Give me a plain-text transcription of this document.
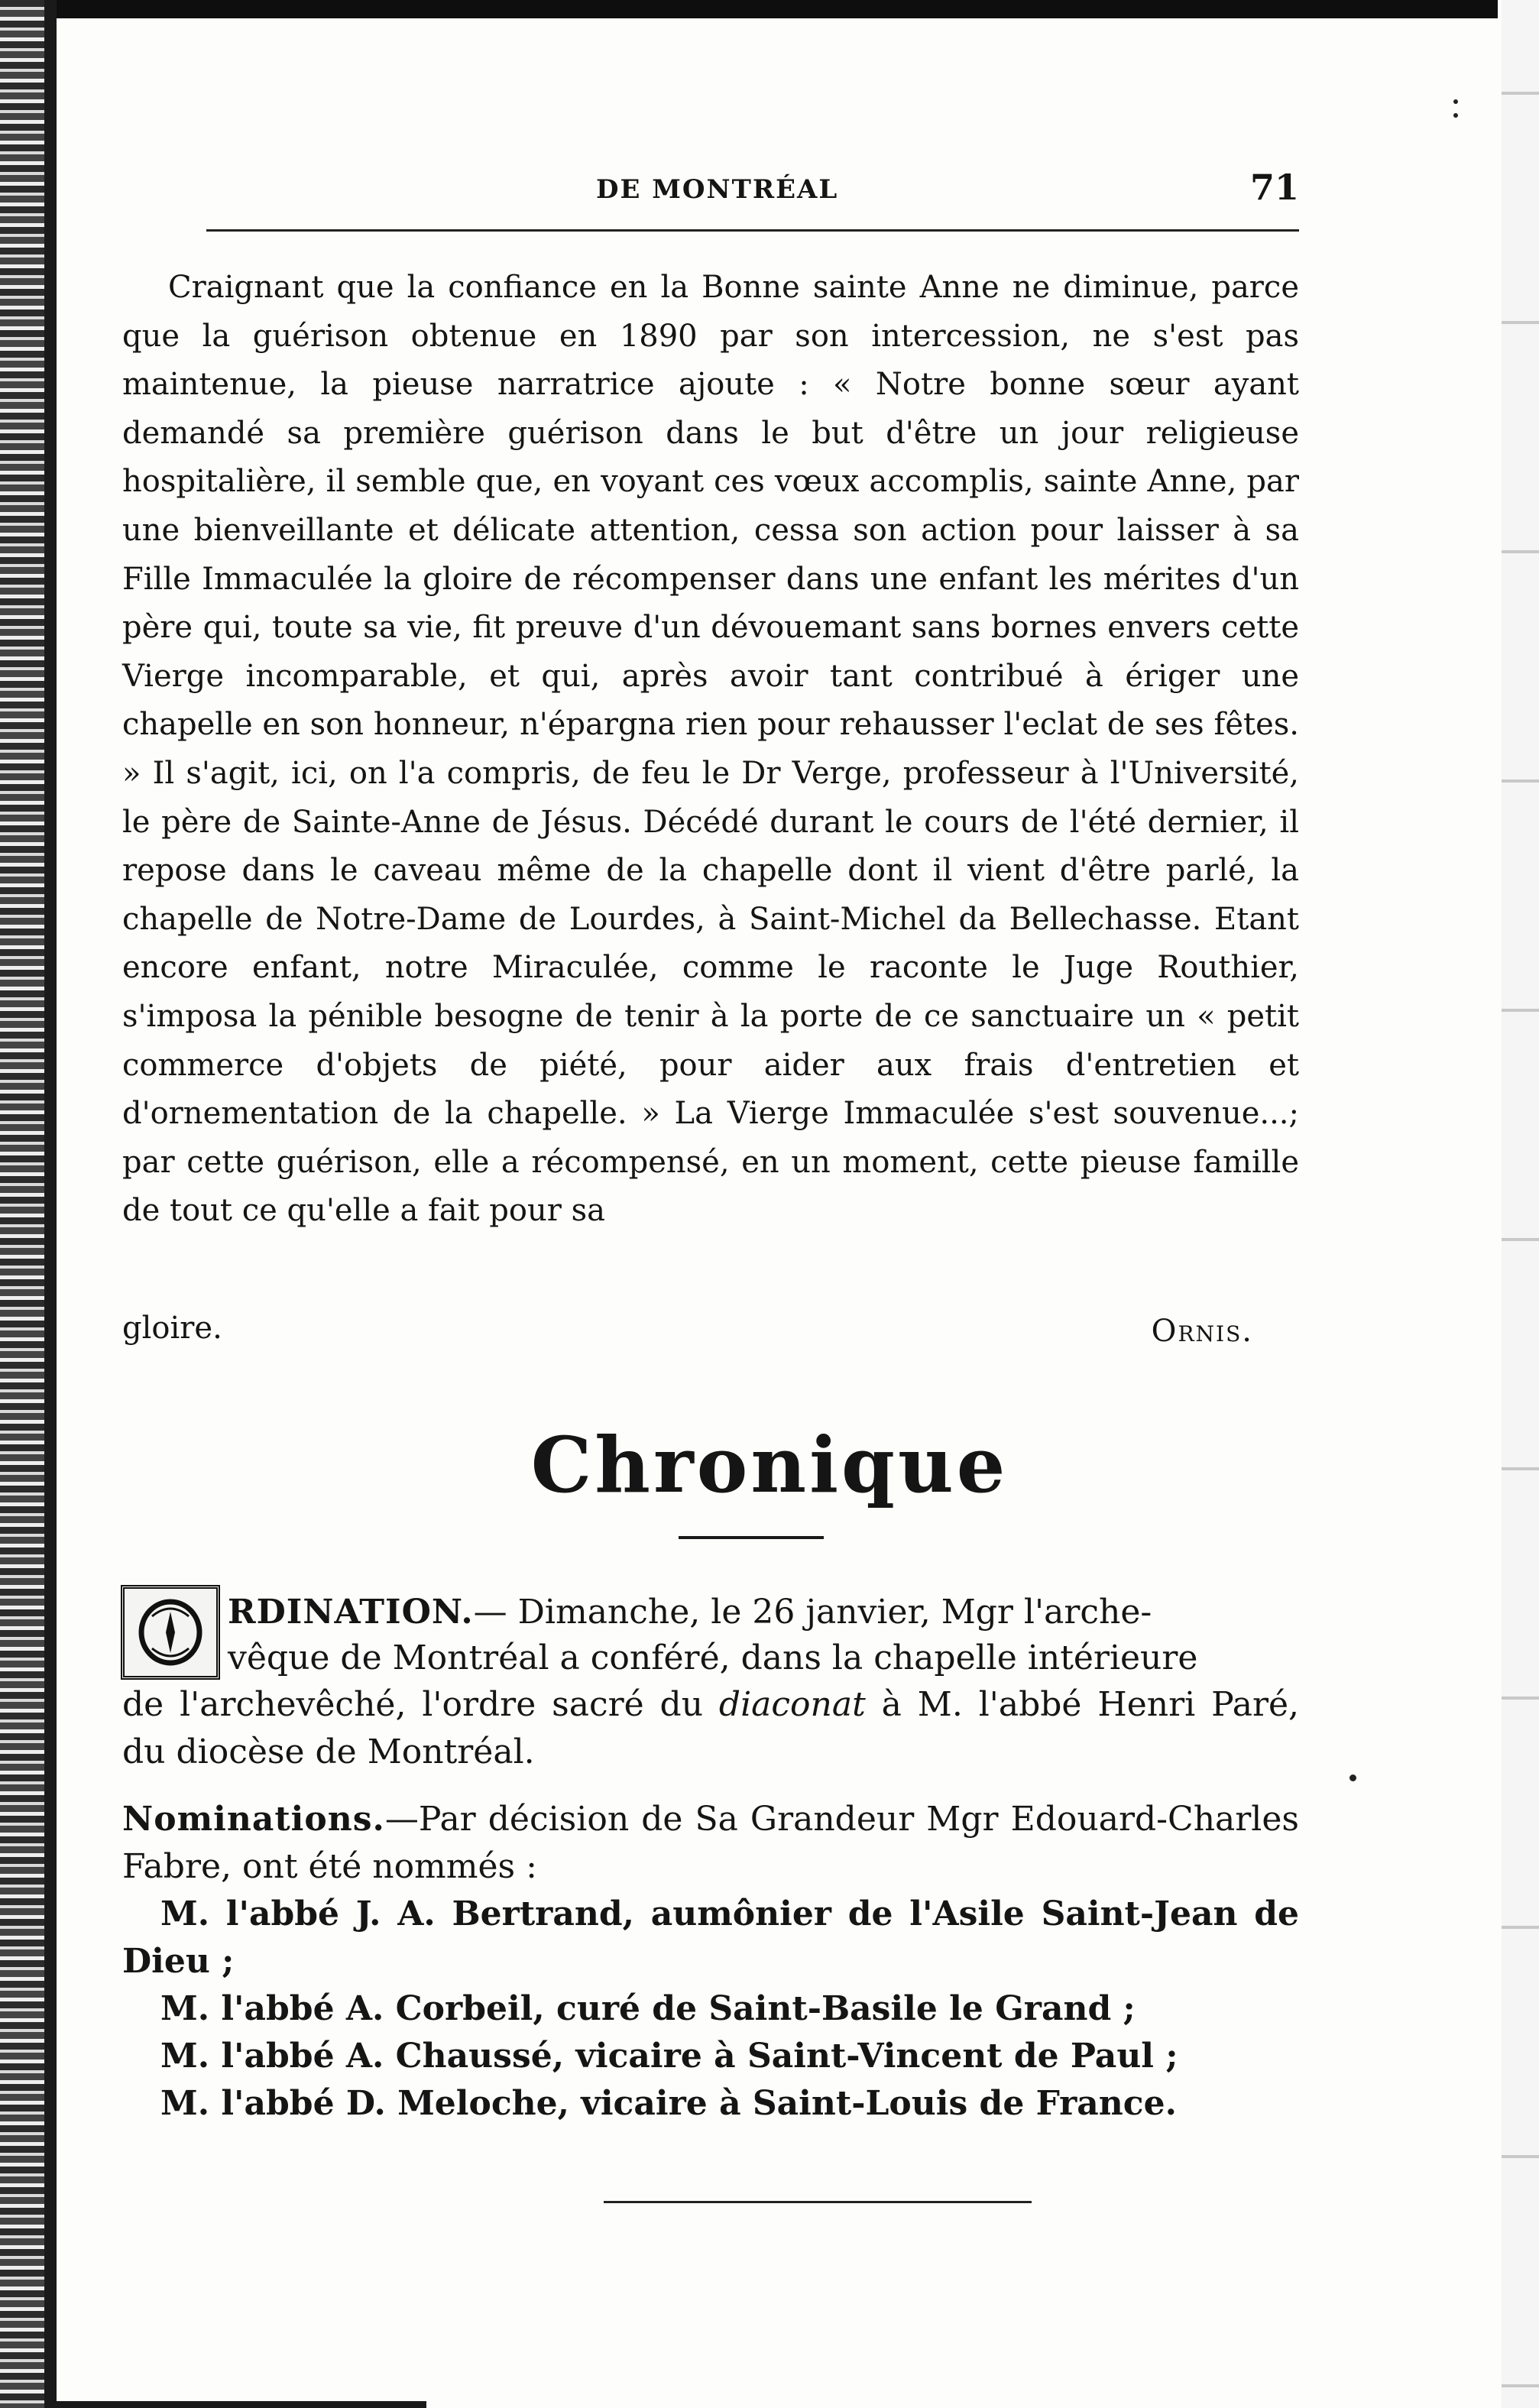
DE MONTRÉAL	71

Craignant que la confiance en la Bonne sainte Anne ne diminue, parce que la guérison obtenue en 1890 par son intercession, ne s'est pas maintenue, la pieuse narratrice ajoute : « Notre bonne sœur ayant demandé sa première guérison dans le but d'être un jour religieuse hospitalière, il semble que, en voyant ces vœux accomplis, sainte Anne, par une bienveillante et délicate attention, cessa son action pour laisser à sa Fille Immaculée la gloire de récompenser dans une enfant les mérites d'un père qui, toute sa vie, fit preuve d'un dévouemant sans bornes envers cette Vierge incomparable, et qui, après avoir tant contribué à ériger une chapelle en son honneur, n'épargna rien pour rehausser l'eclat de ses fêtes. » Il s'agit, ici, on l'a compris, de feu le Dr Verge, professeur à l'Université, le père de Sainte-Anne de Jésus. Décédé durant le cours de l'été dernier, il repose dans le caveau même de la chapelle dont il vient d'être parlé, la chapelle de Notre-Dame de Lourdes, à Saint-Michel da Bellechasse. Etant encore enfant, notre Miraculée, comme le raconte le Juge Routhier, s'imposa la pénible besogne de tenir à la porte de ce sanctuaire un « petit commerce d'objets de piété, pour aider aux frais d'entretien et d'ornementation de la chapelle. » La Vierge Immaculée s'est souvenue...; par cette guérison, elle a récompensé, en un moment, cette pieuse famille de tout ce qu'elle a fait pour sa

gloire.	Ornis.
Chronique

RDINATION.— Dimanche, le 26 janvier, Mgr l'arche-

vêque de Montréal a conféré, dans la chapelle intérieure

de l'archevêché, l'ordre sacré du diaconat à M. l'abbé Henri Paré, du diocèse de Montréal.

Nominations.—Par décision de Sa Grandeur Mgr Edouard-Charles Fabre, ont été nommés :

M. l'abbé J. A. Bertrand, aumônier de l'Asile Saint-Jean de Dieu ;
M. l'abbé A. Corbeil, curé de Saint-Basile le Grand ;
M. l'abbé A. Chaussé, vicaire à Saint-Vincent de Paul ;
M. l'abbé D. Meloche, vicaire à Saint-Louis de France.
